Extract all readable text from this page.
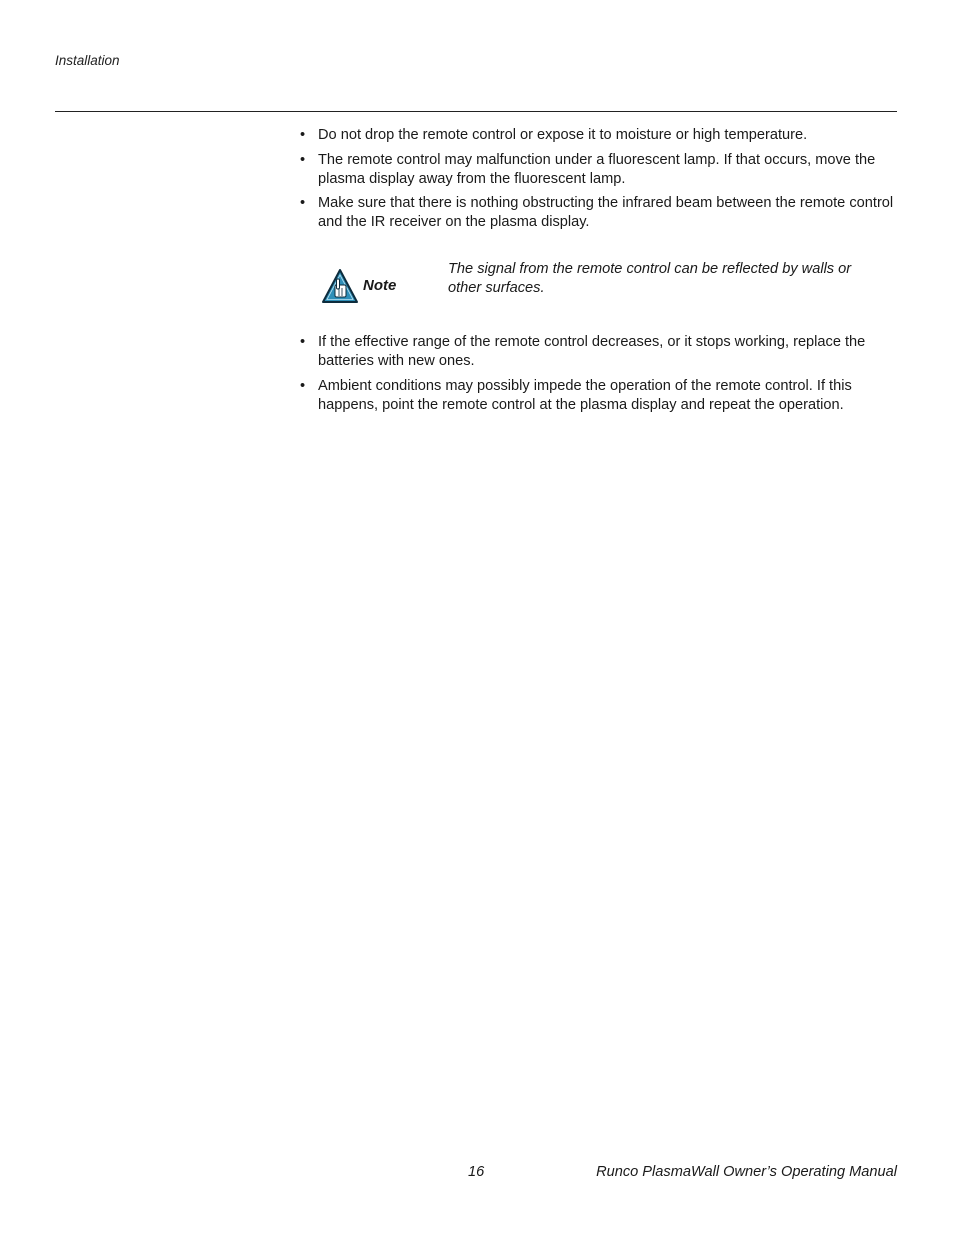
Installation
• Do not drop the remote control or expose it to moisture or high temperature.
• The remote control may malfunction under a fluorescent lamp. If that occurs, move the plasma display away from the fluorescent lamp.
• Make sure that there is nothing obstructing the infrared beam between the remote control and the IR receiver on the plasma display.
Note
The signal from the remote control can be reflected by walls or other surfaces.
• If the effective range of the remote control decreases, or it stops working, replace the batteries with new ones.
• Ambient conditions may possibly impede the operation of the remote control. If this happens, point the remote control at the plasma display and repeat the operation.
16	Runco PlasmaWall Owner’s Operating Manual
